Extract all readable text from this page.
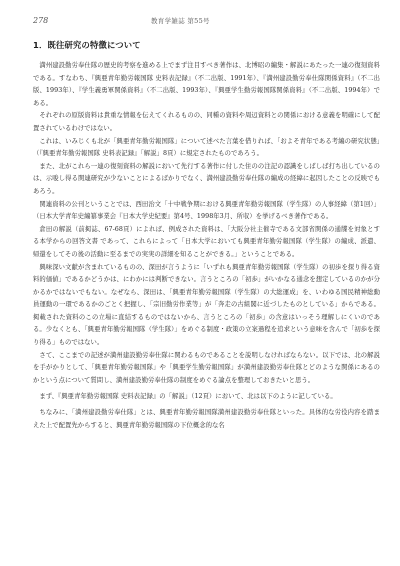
278	教育学雑誌 第55号
1．既往研究の特徴について

満州建設勤労奉仕隊の歴史的考察を進める上でまず注目すべき著作は、北博昭の編集・解説にあたった一連の復刻資料である。すなわち、『興亜青年勤労報国隊 史料表記録』（不二出版、1991年）、『満州建設勤労奉仕隊関係資料』（不二出版、1993年）、『学生義勇軍関係資料』（不二出版、1993年）、『興亜学生勤労報国隊関係資料』（不二出版、1994年）である。

それぞれの原版資料は貴重な情報を伝えてくれるものの、同種の資料や周辺資料との関係における意義を明確にして配置されているわけではない。

これは、いみじくも北が「興亜青年勤労報国隊」について述べた言葉を借りれば、「およそ青年である考編の研究状態」（『興亜青年勤労報国隊 史料表記録』「解説」8頁）に規定されたものであろう。

また、北がこれら一連の復刻資料の解説において先行する著作に付した住のの注記の認識をしばしば打ち出しているのは、示唆し得る関連研究が少ないことによるばかりでなく、満州建設勤労奉仕隊の編成の経緯に起因したことの反映でもあろう。

関連資料の公刊ということでは、西田治文「十中戦争期における興亜青年勤労報国隊（学生隊）の人事経緯（第1回）」（日本大学青年史編纂事業会『日本大学史紀要』第4号、1998年3月、所収）を挙げるべき著作である。

倉田の解説（前掲誌、67-68頁）によれば、例成された資料は、「大阪分社主催寺である文部省関係の通牒を対象とする本学からの回答文書 であって、これらによって「日本大学においても興亜青年勤労報国隊（学生隊）の編成、派遣、帰還をしてその後の活動に至るまでの実実の詳細を知ることができる。」ということである。

興味深い文献が含まれているものの、深田が言うように「いずれも興亜青年勤労報国隊（学生隊）の初歩を探り得る資料的価値」であるかどうかは、にわかには判断できない。言うところの「初歩」がいかなる通念を想定しているのかが分かるかではないでもない。なぜなら、深田は、「興亜青年勤労報国隊（学生隊）の大総運成」を、いわゆる国民精神総動員運動の一環であるかのごとく把握し、「宗旧勤労作業等」が「奔走の古組閣に近づしたものとしている」からである。掲載された資料のこの立場に直結するものではないから、言うところの「初歩」の含意はいっそう理解しにくいのである。少なくとも、「興亜青年勤労報国隊（学生隊）」をめぐる制度・政策の立案過程を追求という意味を含んで「初歩を探り得る」ものではない。

さて、ここまでの記述が満州建設勤労奉仕隊に関わるものであることを説明しなければならない。以下では、北の解説を手がかりとして、「興亜青年勤労報国隊」や「興亜学生勤労報国隊」が満州建設勤労奉仕隊とどのような関係にあるのかという点について質問し、満州建設勤労奉仕隊の制度をめぐる論点を整理しておきたいと思う。

まず、『興亜青年勤労報国隊 史料表記録』の「解説」（12頁）において、北は以下のように記している。

ちなみに、「満州建設勤労奉仕隊」とは、興亜青年勤労報国隊満州建設勤労奉仕隊といった。具体的な労役内容を踏まえた上で配置先からすると、興亜青年勤労報国隊の下位概念的な名
